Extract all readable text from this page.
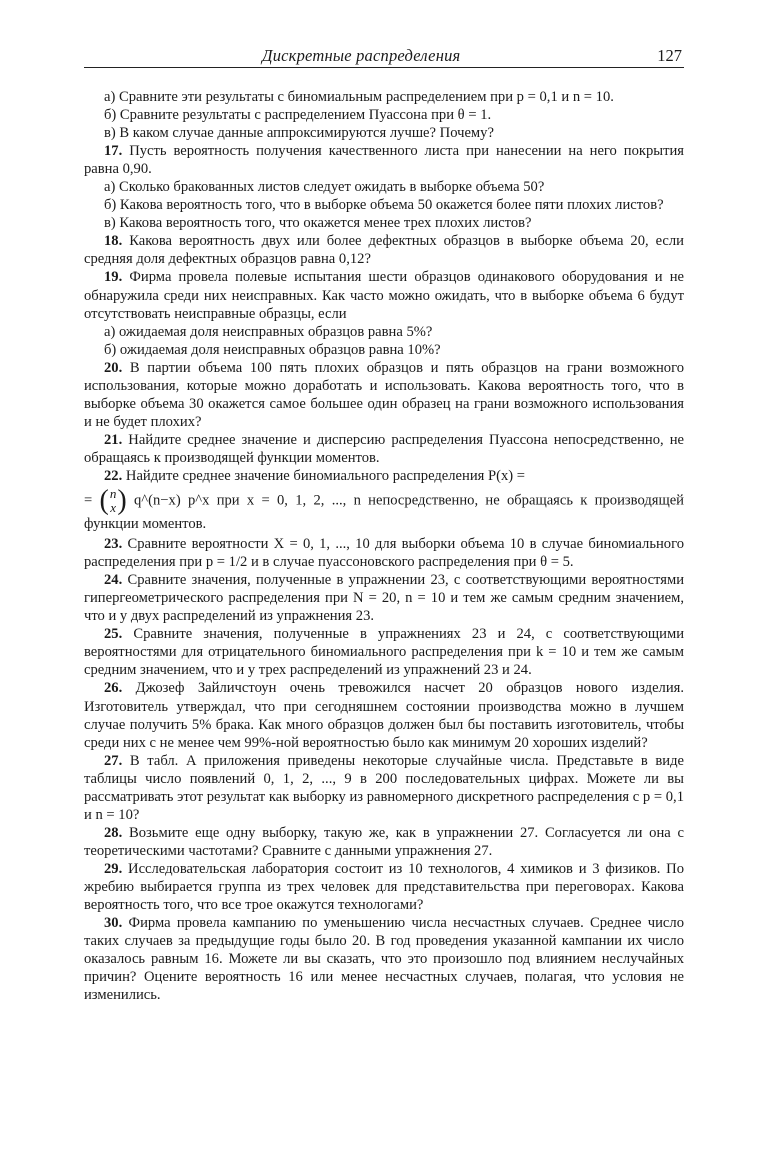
Дискретные распределения	127

а) Сравните эти результаты с биномиальным распределением при p = 0,1 и n = 10.

б) Сравните результаты с распределением Пуассона при θ = 1.

в) В каком случае данные аппроксимируются лучше? Почему?

17. Пусть вероятность получения качественного листа при нанесении на него покрытия равна 0,90.

а) Сколько бракованных листов следует ожидать в выборке объема 50?

б) Какова вероятность того, что в выборке объема 50 окажется более пяти плохих листов?

в) Какова вероятность того, что окажется менее трех плохих листов?

18. Какова вероятность двух или более дефектных образцов в выборке объема 20, если средняя доля дефектных образцов равна 0,12?

19. Фирма провела полевые испытания шести образцов одинакового оборудования и не обнаружила среди них неисправных. Как часто можно ожидать, что в выборке объема 6 будут отсутствовать неисправные образцы, если

а) ожидаемая доля неисправных образцов равна 5%?

б) ожидаемая доля неисправных образцов равна 10%?

20. В партии объема 100 пять плохих образцов и пять образцов на грани возможного использования, которые можно доработать и использовать. Какова вероятность того, что в выборке объема 30 окажется самое большее один образец на грани возможного использования и не будет плохих?

21. Найдите среднее значение и дисперсию распределения Пуассона непосредственно, не обращаясь к производящей функции моментов.

22. Найдите среднее значение биномиального распределения P(x) =

= ( n
x ) q^(n−x) p^x при x = 0, 1, 2, ..., n непосредственно, не обращаясь к производящей функции моментов.

23. Сравните вероятности X = 0, 1, ..., 10 для выборки объема 10 в случае биномиального распределения при p = 1/2 и в случае пуассоновского распределения при θ = 5.

24. Сравните значения, полученные в упражнении 23, с соответствующими вероятностями гипергеометрического распределения при N = 20, n = 10 и тем же самым средним значением, что и у двух распределений из упражнения 23.

25. Сравните значения, полученные в упражнениях 23 и 24, с соответствующими вероятностями для отрицательного биномиального распределения при k = 10 и тем же самым средним значением, что и у трех распределений из упражнений 23 и 24.

26. Джозеф Зайличстоун очень тревожился насчет 20 образцов нового изделия. Изготовитель утверждал, что при сегодняшнем состоянии производства можно в лучшем случае получить 5% брака. Как много образцов должен был бы поставить изготовитель, чтобы среди них с не менее чем 99%-ной вероятностью было как минимум 20 хороших изделий?

27. В табл. А приложения приведены некоторые случайные числа. Представьте в виде таблицы число появлений 0, 1, 2, ..., 9 в 200 последовательных цифрах. Можете ли вы рассматривать этот результат как выборку из равномерного дискретного распределения с p = 0,1 и n = 10?

28. Возьмите еще одну выборку, такую же, как в упражнении 27. Согласуется ли она с теоретическими частотами? Сравните с данными упражнения 27.

29. Исследовательская лаборатория состоит из 10 технологов, 4 химиков и 3 физиков. По жребию выбирается группа из трех человек для представительства при переговорах. Какова вероятность того, что все трое окажутся технологами?

30. Фирма провела кампанию по уменьшению числа несчастных случаев. Среднее число таких случаев за предыдущие годы было 20. В год проведения указанной кампании их число оказалось равным 16. Можете ли вы сказать, что это произошло под влиянием неслучайных причин? Оцените вероятность 16 или менее несчастных случаев, полагая, что условия не изменились.
